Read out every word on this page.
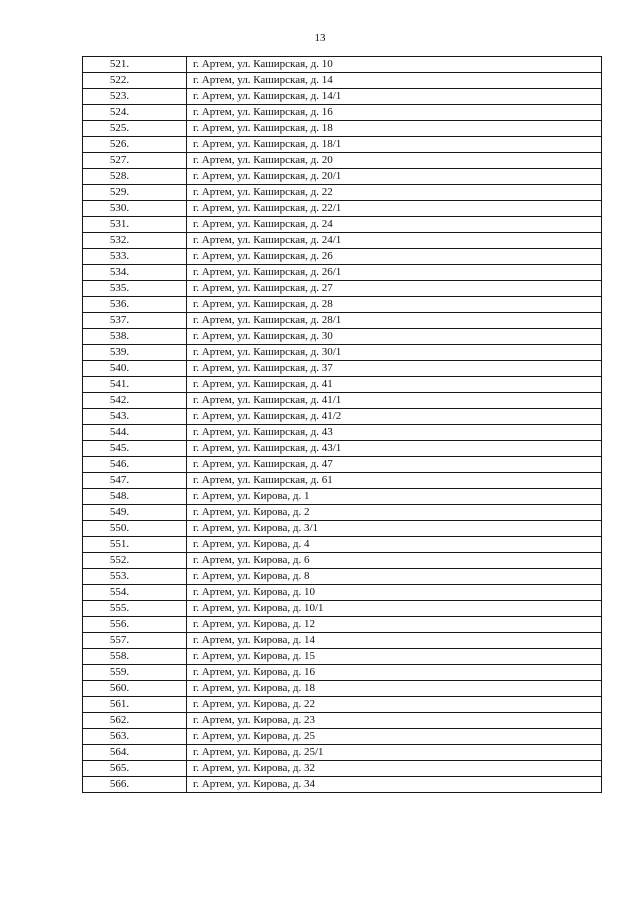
13
521.	г. Артем, ул. Каширская, д. 10
522.	г. Артем, ул. Каширская, д. 14
523.	г. Артем, ул. Каширская, д. 14/1
524.	г. Артем, ул. Каширская, д. 16
525.	г. Артем, ул. Каширская, д. 18
526.	г. Артем, ул. Каширская, д. 18/1
527.	г. Артем, ул. Каширская, д. 20
528.	г. Артем, ул. Каширская, д. 20/1
529.	г. Артем, ул. Каширская, д. 22
530.	г. Артем, ул. Каширская, д. 22/1
531.	г. Артем, ул. Каширская, д. 24
532.	г. Артем, ул. Каширская, д. 24/1
533.	г. Артем, ул. Каширская, д. 26
534.	г. Артем, ул. Каширская, д. 26/1
535.	г. Артем, ул. Каширская, д. 27
536.	г. Артем, ул. Каширская, д. 28
537.	г. Артем, ул. Каширская, д. 28/1
538.	г. Артем, ул. Каширская, д. 30
539.	г. Артем, ул. Каширская, д. 30/1
540.	г. Артем, ул. Каширская, д. 37
541.	г. Артем, ул. Каширская, д. 41
542.	г. Артем, ул. Каширская, д. 41/1
543.	г. Артем, ул. Каширская, д. 41/2
544.	г. Артем, ул. Каширская, д. 43
545.	г. Артем, ул. Каширская, д. 43/1
546.	г. Артем, ул. Каширская, д. 47
547.	г. Артем, ул. Каширская, д. 61
548.	г. Артем, ул. Кирова, д. 1
549.	г. Артем, ул. Кирова, д. 2
550.	г. Артем, ул. Кирова, д. 3/1
551.	г. Артем, ул. Кирова, д. 4
552.	г. Артем, ул. Кирова, д. 6
553.	г. Артем, ул. Кирова, д. 8
554.	г. Артем, ул. Кирова, д. 10
555.	г. Артем, ул. Кирова, д. 10/1
556.	г. Артем, ул. Кирова, д. 12
557.	г. Артем, ул. Кирова, д. 14
558.	г. Артем, ул. Кирова, д. 15
559.	г. Артем, ул. Кирова, д. 16
560.	г. Артем, ул. Кирова, д. 18
561.	г. Артем, ул. Кирова, д. 22
562.	г. Артем, ул. Кирова, д. 23
563.	г. Артем, ул. Кирова, д. 25
564.	г. Артем, ул. Кирова, д. 25/1
565.	г. Артем, ул. Кирова, д. 32
566.	г. Артем, ул. Кирова, д. 34
